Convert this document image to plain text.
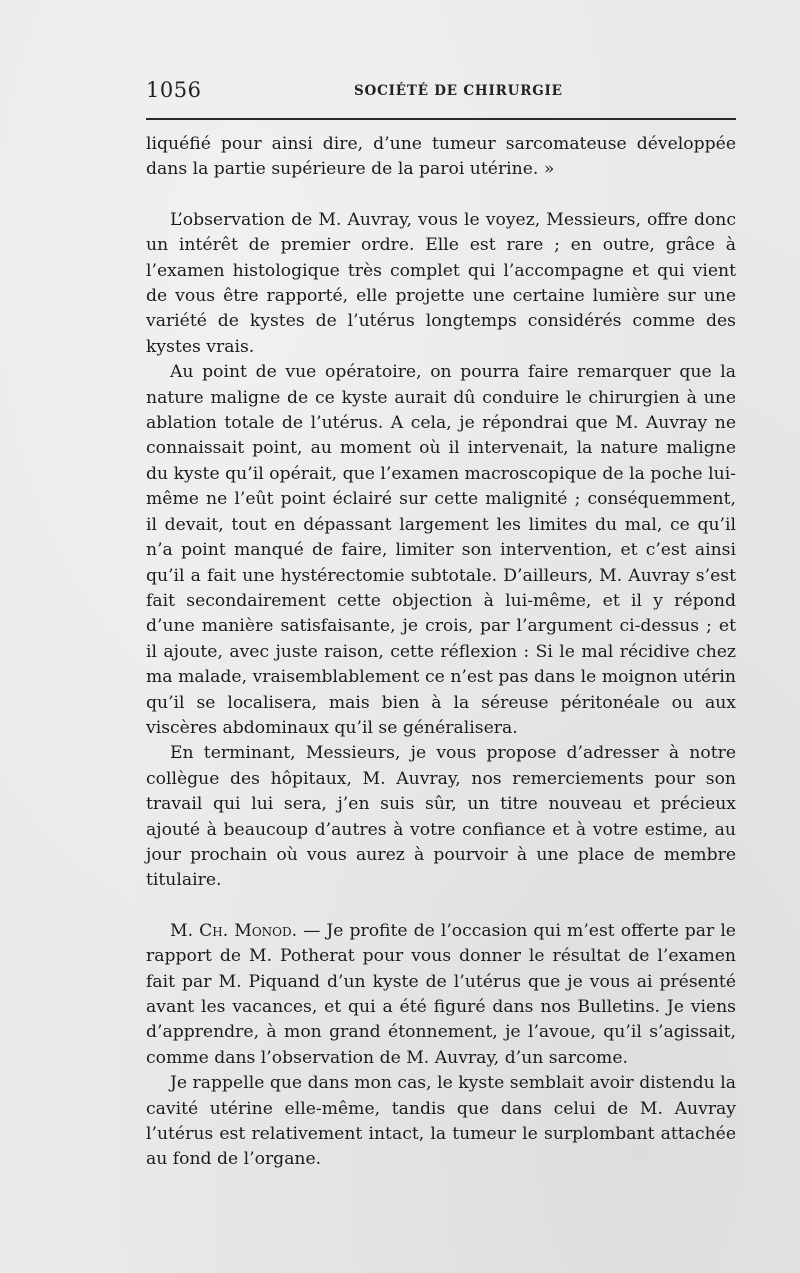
1056	SOCIÉTÉ DE CHIRURGIE

liquéfié pour ainsi dire, d’une tumeur sarcomateuse développée dans la partie supérieure de la paroi utérine. »

L’observation de M. Auvray, vous le voyez, Messieurs, offre donc un intérêt de premier ordre. Elle est rare ; en outre, grâce à l’examen histologique très complet qui l’accompagne et qui vient de vous être rapporté, elle projette une certaine lumière sur une variété de kystes de l’utérus longtemps considérés comme des kystes vrais.

Au point de vue opératoire, on pourra faire remarquer que la nature maligne de ce kyste aurait dû conduire le chirurgien à une ablation totale de l’utérus. A cela, je répondrai que M. Auvray ne connaissait point, au moment où il intervenait, la nature maligne du kyste qu’il opérait, que l’examen macroscopique de la poche lui-même ne l’eût point éclairé sur cette malignité ; conséquemment, il devait, tout en dépassant largement les limites du mal, ce qu’il n’a point manqué de faire, limiter son intervention, et c’est ainsi qu’il a fait une hystérectomie subtotale. D’ailleurs, M. Auvray s’est fait secondairement cette objection à lui-même, et il y répond d’une manière satisfaisante, je crois, par l’argument ci-dessus ; et il ajoute, avec juste raison, cette réflexion : Si le mal récidive chez ma malade, vraisemblablement ce n’est pas dans le moignon utérin qu’il se localisera, mais bien à la séreuse péritonéale ou aux viscères abdominaux qu’il se généralisera.

En terminant, Messieurs, je vous propose d’adresser à notre collègue des hôpitaux, M. Auvray, nos remerciements pour son travail qui lui sera, j’en suis sûr, un titre nouveau et précieux ajouté à beaucoup d’autres à votre confiance et à votre estime, au jour prochain où vous aurez à pourvoir à une place de membre titulaire.

M. Ch. Monod. — Je profite de l’occasion qui m’est offerte par le rapport de M. Potherat pour vous donner le résultat de l’examen fait par M. Piquand d’un kyste de l’utérus que je vous ai présenté avant les vacances, et qui a été figuré dans nos Bulletins. Je viens d’apprendre, à mon grand étonnement, je l’avoue, qu’il s’agissait, comme dans l’observation de M. Auvray, d’un sarcome.

Je rappelle que dans mon cas, le kyste semblait avoir distendu la cavité utérine elle-même, tandis que dans celui de M. Auvray l’utérus est relativement intact, la tumeur le surplombant attachée au fond de l’organe.
